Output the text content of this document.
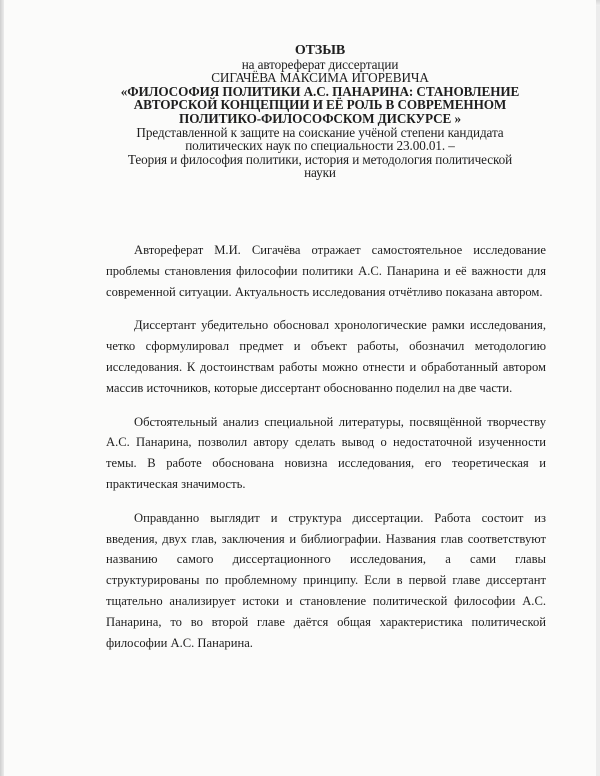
ОТЗЫВ
на автореферат диссертации
СИГАЧЁВА МАКСИМА ИГОРЕВИЧА
«ФИЛОСОФИЯ ПОЛИТИКИ А.С. ПАНАРИНА: СТАНОВЛЕНИЕ
АВТОРСКОЙ КОНЦЕПЦИИ И ЕЁ РОЛЬ В СОВРЕМЕННОМ
ПОЛИТИКО-ФИЛОСОФСКОМ ДИСКУРСЕ »
Представленной к защите на соискание учёной степени кандидата
политических наук по специальности 23.00.01. –
Теория и философия политики, история и методология политической
науки

Автореферат М.И. Сигачёва отражает самостоятельное исследование проблемы становления философии политики А.С. Панарина и её важности для современной ситуации. Актуальность исследования отчётливо показана автором.

Диссертант убедительно обосновал хронологические рамки исследования, четко сформулировал предмет и объект работы, обозначил методологию исследования. К достоинствам работы можно отнести и обработанный автором массив источников, которые диссертант обоснованно поделил на две части.

Обстоятельный анализ специальной литературы, посвящённой творчеству А.С. Панарина, позволил автору сделать вывод о недостаточной изученности темы. В работе обоснована новизна исследования, его теоретическая и практическая значимость.

Оправданно выглядит и структура диссертации. Работа состоит из введения, двух глав, заключения и библиографии. Названия глав соответствуют названию самого диссертационного исследования, а сами главы структурированы по проблемному принципу. Если в первой главе диссертант тщательно анализирует истоки и становление политической философии А.С. Панарина, то во второй главе даётся общая характеристика политической философии А.С. Панарина.
